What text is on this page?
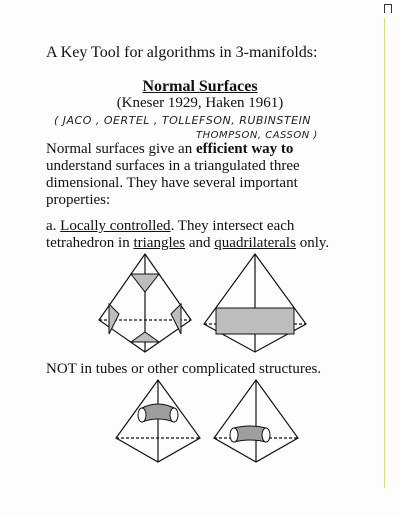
A Key Tool for algorithms in 3-manifolds:
Normal Surfaces
(Kneser 1929, Haken 1961)
( JACO , OERTEL , TOLLEFSON, RUBINSTEIN
THOMPSON, CASSON )
Normal surfaces give an efficient way to
understand surfaces in a triangulated three
dimensional. They have several important
properties:
a. Locally controlled. They intersect each
tetrahedron in triangles and quadrilaterals only.
NOT in tubes or other complicated structures.
